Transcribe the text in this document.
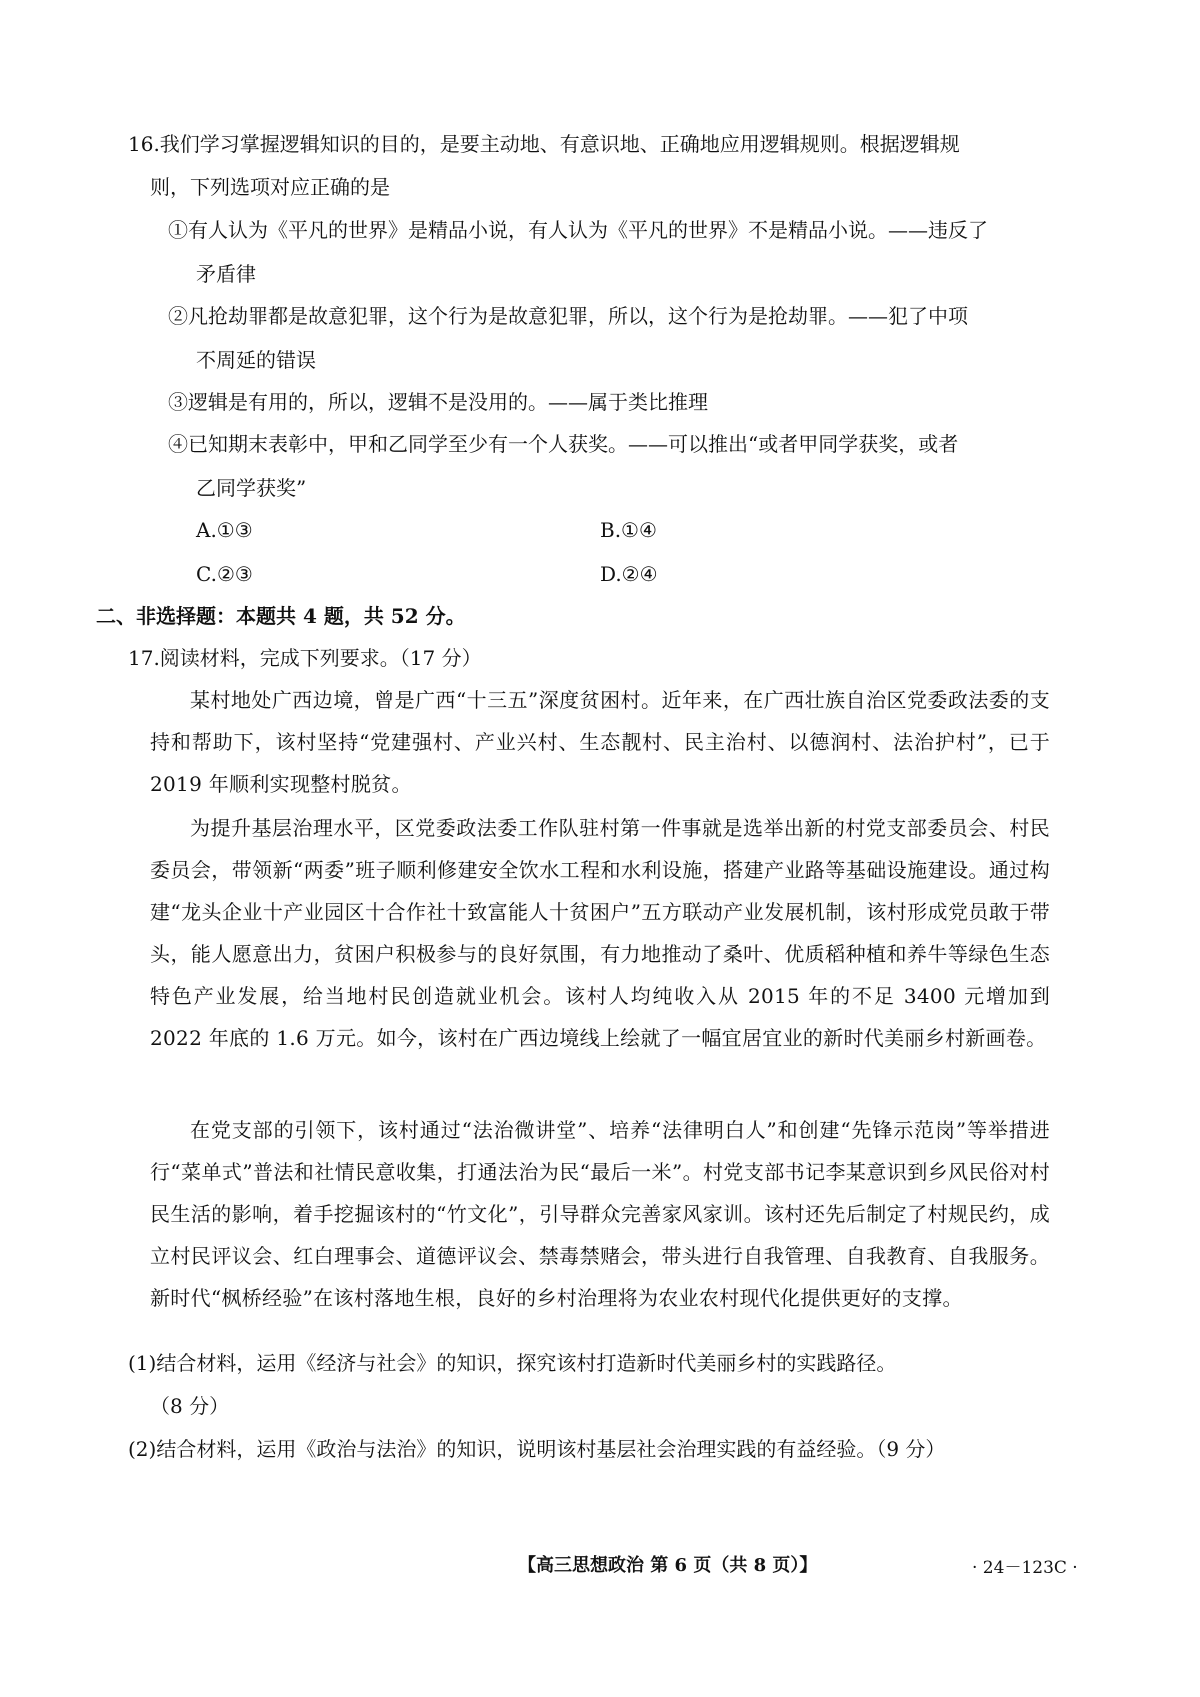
16.我们学习掌握逻辑知识的目的，是要主动地、有意识地、正确地应用逻辑规则。根据逻辑规
则，下列选项对应正确的是
①有人认为《平凡的世界》是精品小说，有人认为《平凡的世界》不是精品小说。——违反了
矛盾律
②凡抢劫罪都是故意犯罪，这个行为是故意犯罪，所以，这个行为是抢劫罪。——犯了中项
不周延的错误
③逻辑是有用的，所以，逻辑不是没用的。——属于类比推理
④已知期末表彰中，甲和乙同学至少有一个人获奖。——可以推出“或者甲同学获奖，或者
乙同学获奖”
A.①③	B.①④
C.②③	D.②④
二、非选择题：本题共 4 题，共 52 分。
17.阅读材料，完成下列要求。（17 分）
某村地处广西边境，曾是广西“十三五”深度贫困村。近年来，在广西壮族自治区党委政法委的支持和帮助下，该村坚持“党建强村、产业兴村、生态靓村、民主治村、以德润村、法治护村”，已于 2019 年顺利实现整村脱贫。
为提升基层治理水平，区党委政法委工作队驻村第一件事就是选举出新的村党支部委员会、村民委员会，带领新“两委”班子顺利修建安全饮水工程和水利设施，搭建产业路等基础设施建设。通过构建“龙头企业十产业园区十合作社十致富能人十贫困户”五方联动产业发展机制，该村形成党员敢于带头，能人愿意出力，贫困户积极参与的良好氛围，有力地推动了桑叶、优质稻种植和养牛等绿色生态特色产业发展，给当地村民创造就业机会。该村人均纯收入从 2015 年的不足 3400 元增加到 2022 年底的 1.6 万元。如今，该村在广西边境线上绘就了一幅宜居宜业的新时代美丽乡村新画卷。
在党支部的引领下，该村通过“法治微讲堂”、培养“法律明白人”和创建“先锋示范岗”等举措进行“菜单式”普法和社情民意收集，打通法治为民“最后一米”。村党支部书记李某意识到乡风民俗对村民生活的影响，着手挖掘该村的“竹文化”，引导群众完善家风家训。该村还先后制定了村规民约，成立村民评议会、红白理事会、道德评议会、禁毒禁赌会，带头进行自我管理、自我教育、自我服务。新时代“枫桥经验”在该村落地生根，良好的乡村治理将为农业农村现代化提供更好的支撑。
(1)结合材料，运用《经济与社会》的知识，探究该村打造新时代美丽乡村的实践路径。
（8 分）
(2)结合材料，运用《政治与法治》的知识，说明该村基层社会治理实践的有益经验。（9 分）
【高三思想政治 第 6 页（共 8 页）】	· 24－123C ·
